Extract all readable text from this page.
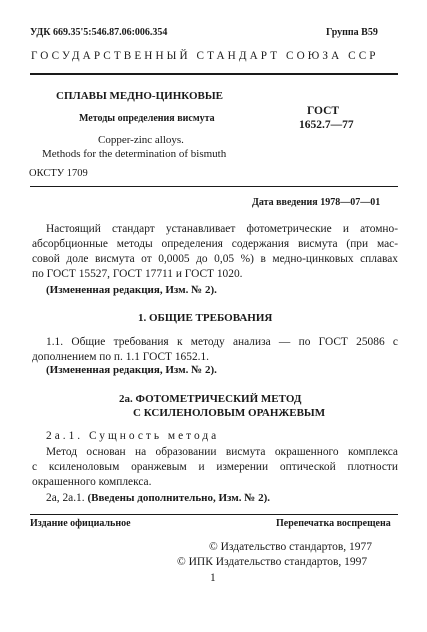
УДК 669.35'5:546.87.06:006.354	Группа В59
ГОСУДАРСТВЕННЫЙ СТАНДАРТ СОЮЗА ССР
СПЛАВЫ МЕДНО-ЦИНКОВЫЕ
Методы определения висмута
Copper-zinc alloys.
Methods for the determination of bismuth
ГОСТ
1652.7—77
ОКСТУ 1709
Дата введения 1978—07—01
Настоящий стандарт устанавливает фотометрические и атомно-
абсорбционные методы определения содержания висмута (при мас-
совой доле висмута от 0,0005 до 0,05 %) в медно-цинковых сплавах
по ГОСТ 15527, ГОСТ 17711 и ГОСТ 1020.
(Измененная редакция, Изм. № 2).
1. ОБЩИЕ ТРЕБОВАНИЯ
1.1. Общие требования к методу анализа — по ГОСТ 25086 с
дополнением по п. 1.1 ГОСТ 1652.1.
(Измененная редакция, Изм. № 2).
2а. ФОТОМЕТРИЧЕСКИЙ МЕТОД
С КСИЛЕНОЛОВЫМ ОРАНЖЕВЫМ
2а.1. Сущность метода
Метод основан на образовании висмута окрашенного комплекса
с ксиленоловым оранжевым и измерении оптической плотности
окрашенного комплекса.
2а, 2а.1. (Введены дополнительно, Изм. № 2).
Издание официальное	Перепечатка воспрещена
© Издательство стандартов, 1977
© ИПК Издательство стандартов, 1997
1
